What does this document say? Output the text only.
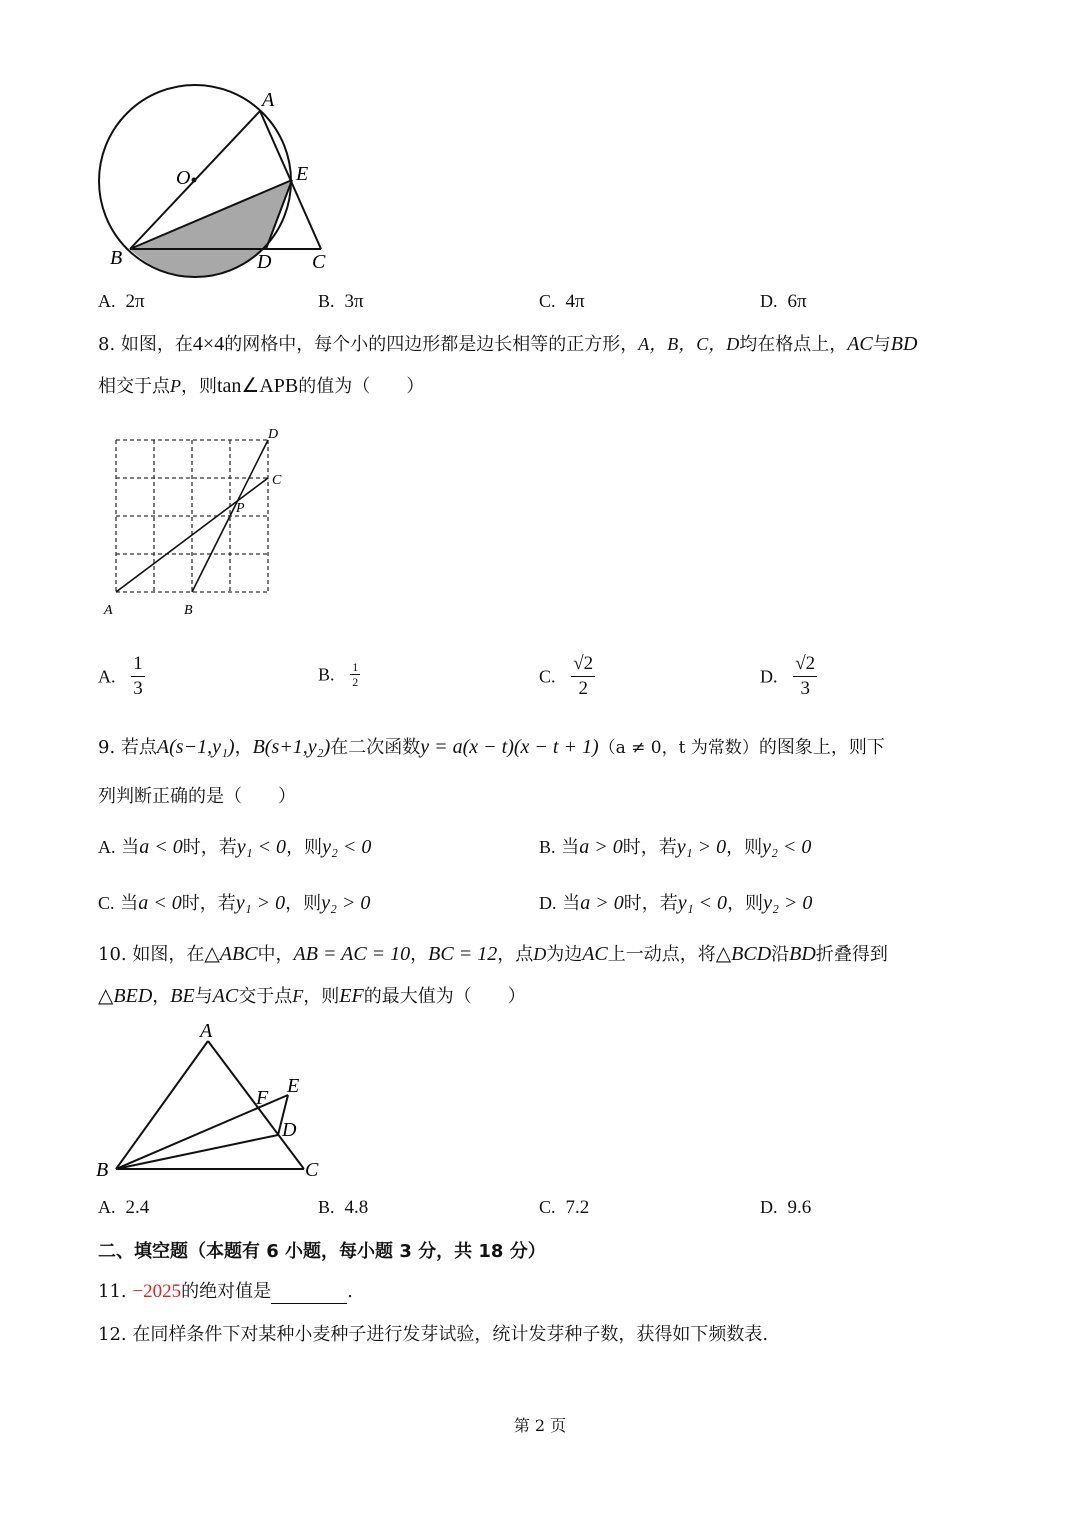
A
O	E
B	D C
A. 2π	B. 3π	C. 4π	D. 6π
8. 如图，在4×4的网格中，每个小的四边形都是边长相等的正方形，A，B，C，D均在格点上，AC与BD
相交于点P，则tan∠APB的值为（　　）
D
C
P
A	B
A. $\frac{1}{3}$	B. $\frac{1}{2}$	C. $\frac{√2}{2}$	D. $\frac{√2}{3}$
9. 若点A(s−1,y₁)，B(s+1,y₂)在二次函数y = a(x − t)(x − t + 1)（a ≠ 0，t 为常数）的图象上，则下
列判断正确的是（　　）
A. 当a < 0时，若y₁ < 0，则y₂ < 0	B. 当a > 0时，若y₁ > 0，则y₂ < 0
C. 当a < 0时，若y₁ > 0，则y₂ > 0	D. 当a > 0时，若y₁ < 0，则y₂ > 0
10. 如图，在△ABC中，AB = AC = 10，BC = 12，点D为边AC上一动点，将△BCD沿BD折叠得到
△BED，BE与AC交于点F，则EF的最大值为（　　）
A
E
F
D
B	C
A. 2.4	B. 4.8	C. 7.2	D. 9.6
二、填空题（本题有 6 小题，每小题 3 分，共 18 分）
11. −2025的绝对值是	.
12. 在同样条件下对某种小麦种子进行发芽试验，统计发芽种子数，获得如下频数表.
第 2 页
